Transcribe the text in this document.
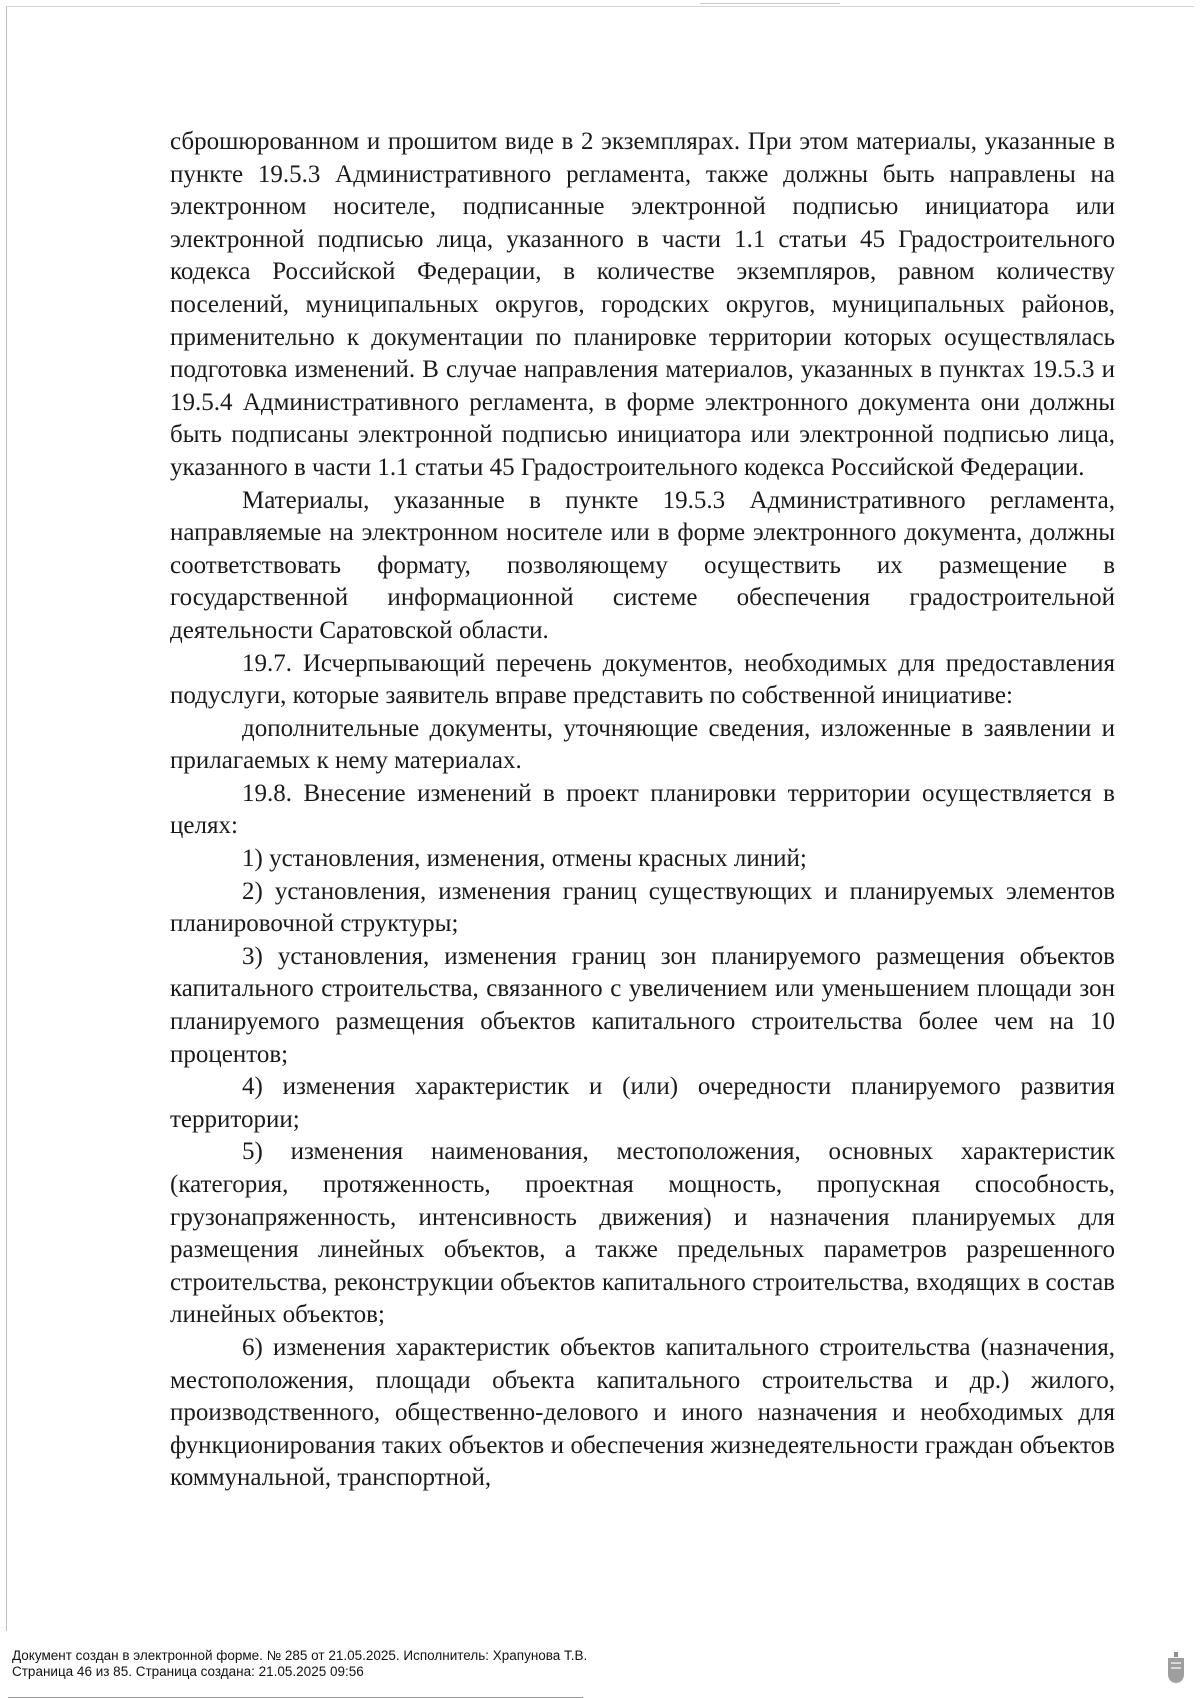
сброшюрованном и прошитом виде в 2 экземплярах. При этом материалы, указанные в пункте 19.5.3 Административного регламента, также должны быть направлены на электронном носителе, подписанные электронной подписью инициатора или электронной подписью лица, указанного в части 1.1 статьи 45 Градостроительного кодекса Российской Федерации, в количестве экземпляров, равном количеству поселений, муниципальных округов, городских округов, муниципальных районов, применительно к документации по планировке территории которых осуществлялась подготовка изменений. В случае направления материалов, указанных в пунктах 19.5.3 и 19.5.4 Административного регламента, в форме электронного документа они должны быть подписаны электронной подписью инициатора или электронной подписью лица, указанного в части 1.1 статьи 45 Градостроительного кодекса Российской Федерации.

Материалы, указанные в пункте 19.5.3 Административного регламента, направляемые на электронном носителе или в форме электронного документа, должны соответствовать формату, позволяющему осуществить их размещение в государственной информационной системе обеспечения градостроительной деятельности Саратовской области.

19.7. Исчерпывающий перечень документов, необходимых для предоставления подуслуги, которые заявитель вправе представить по собственной инициативе:

дополнительные документы, уточняющие сведения, изложенные в заявлении и прилагаемых к нему материалах.

19.8. Внесение изменений в проект планировки территории осуществляется в целях:

1) установления, изменения, отмены красных линий;

2) установления, изменения границ существующих и планируемых элементов планировочной структуры;

3) установления, изменения границ зон планируемого размещения объектов капитального строительства, связанного с увеличением или уменьшением площади зон планируемого размещения объектов капитального строительства более чем на 10 процентов;

4) изменения характеристик и (или) очередности планируемого развития территории;

5) изменения наименования, местоположения, основных характеристик (категория, протяженность, проектная мощность, пропускная способность, грузонапряженность, интенсивность движения) и назначения планируемых для размещения линейных объектов, а также предельных параметров разрешенного строительства, реконструкции объектов капитального строительства, входящих в состав линейных объектов;

6) изменения характеристик объектов капитального строительства (назначения, местоположения, площади объекта капитального строительства и др.) жилого, производственного, общественно-делового и иного назначения и необходимых для функционирования таких объектов и обеспечения жизнедеятельности граждан объектов коммунальной, транспортной,

Документ создан в электронной форме. № 285 от 21.05.2025. Исполнитель: Храпунова Т.В.
Страница 46 из 85. Страница создана: 21.05.2025 09:56
